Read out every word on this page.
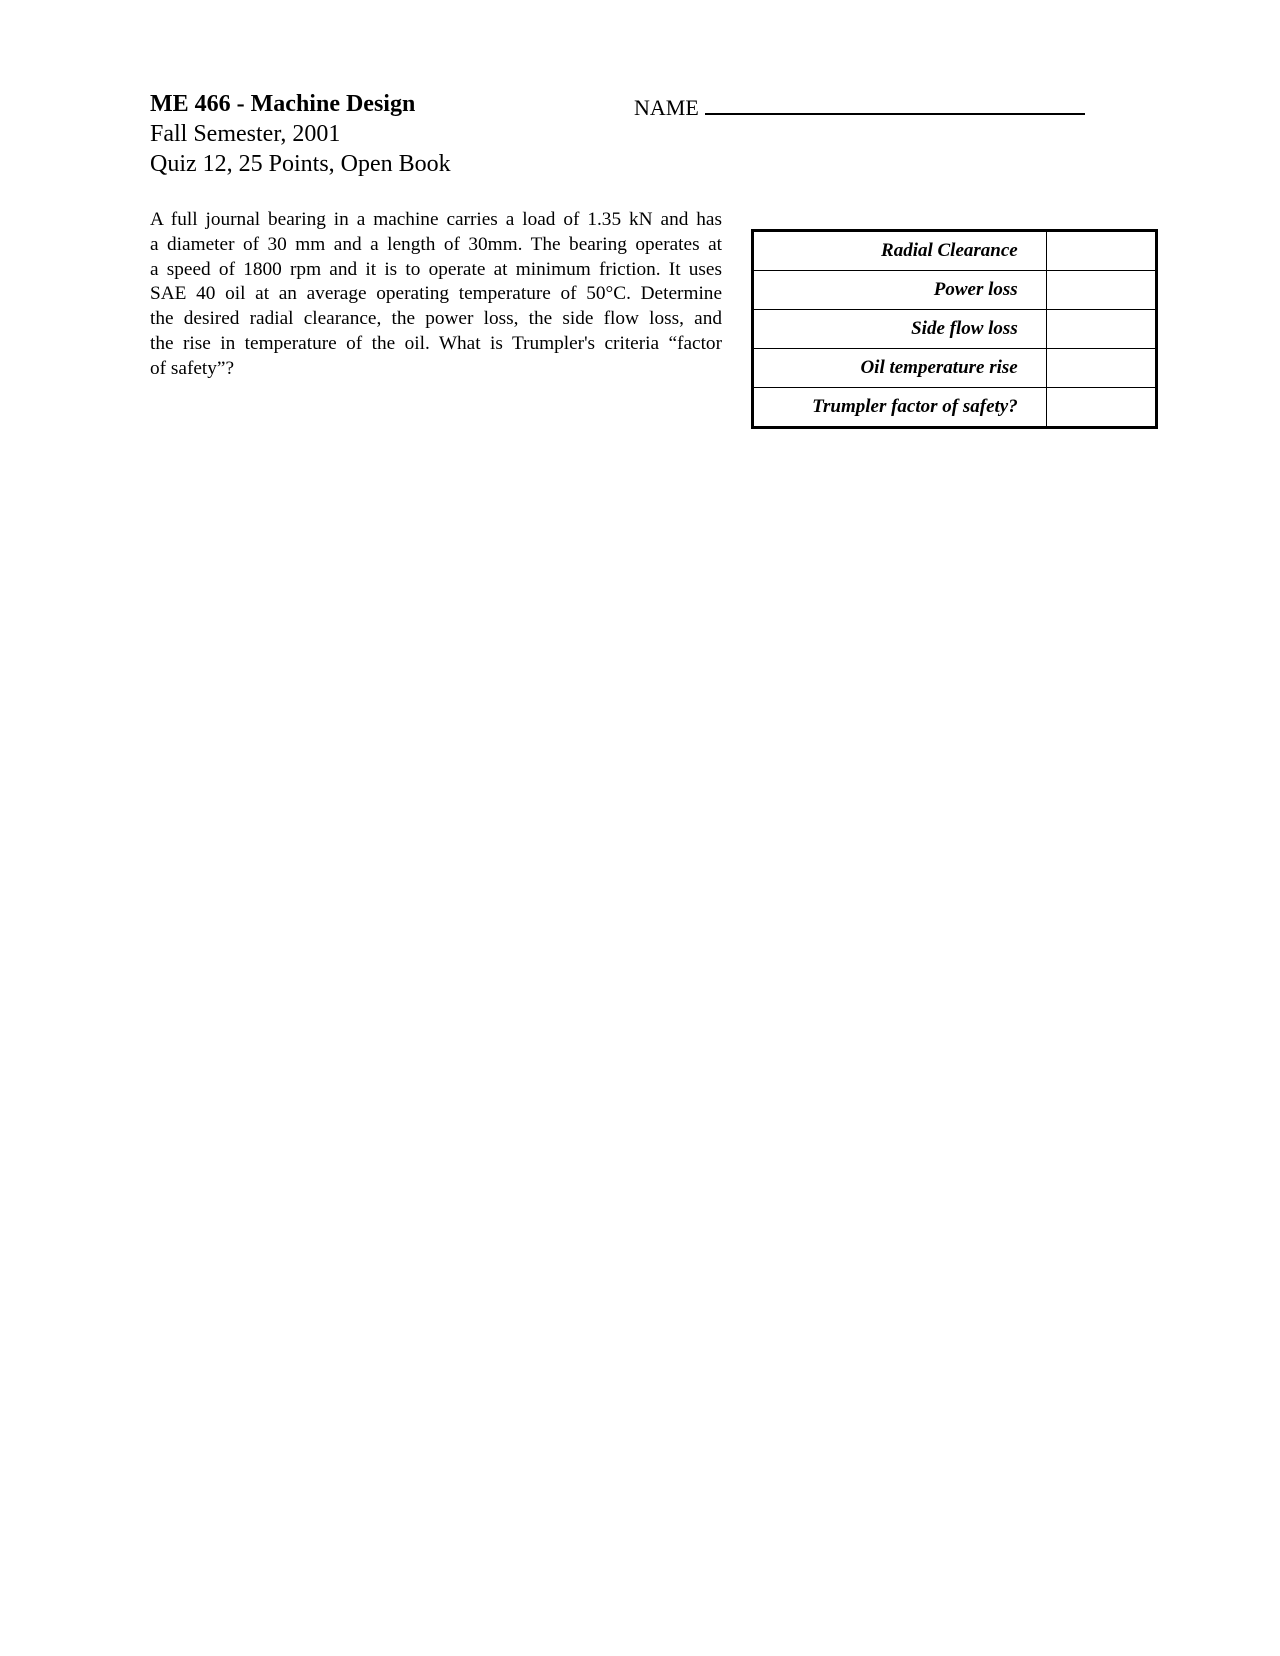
ME 466 - Machine Design
Fall Semester, 2001
Quiz 12, 25 Points, Open Book
NAME
A full journal bearing in a machine carries a load of 1.35 kN and has
a diameter of 30 mm and a length of 30mm. The bearing operates at
a speed of 1800 rpm and it is to operate at minimum friction. It uses
SAE 40 oil at an average operating temperature of 50°C. Determine
the desired radial clearance, the power loss, the side flow loss, and
the rise in temperature of the oil. What is Trumpler's criteria “factor
of safety”?
Radial Clearance	
Power loss	
Side flow loss	
Oil temperature rise	
Trumpler factor of safety?	
